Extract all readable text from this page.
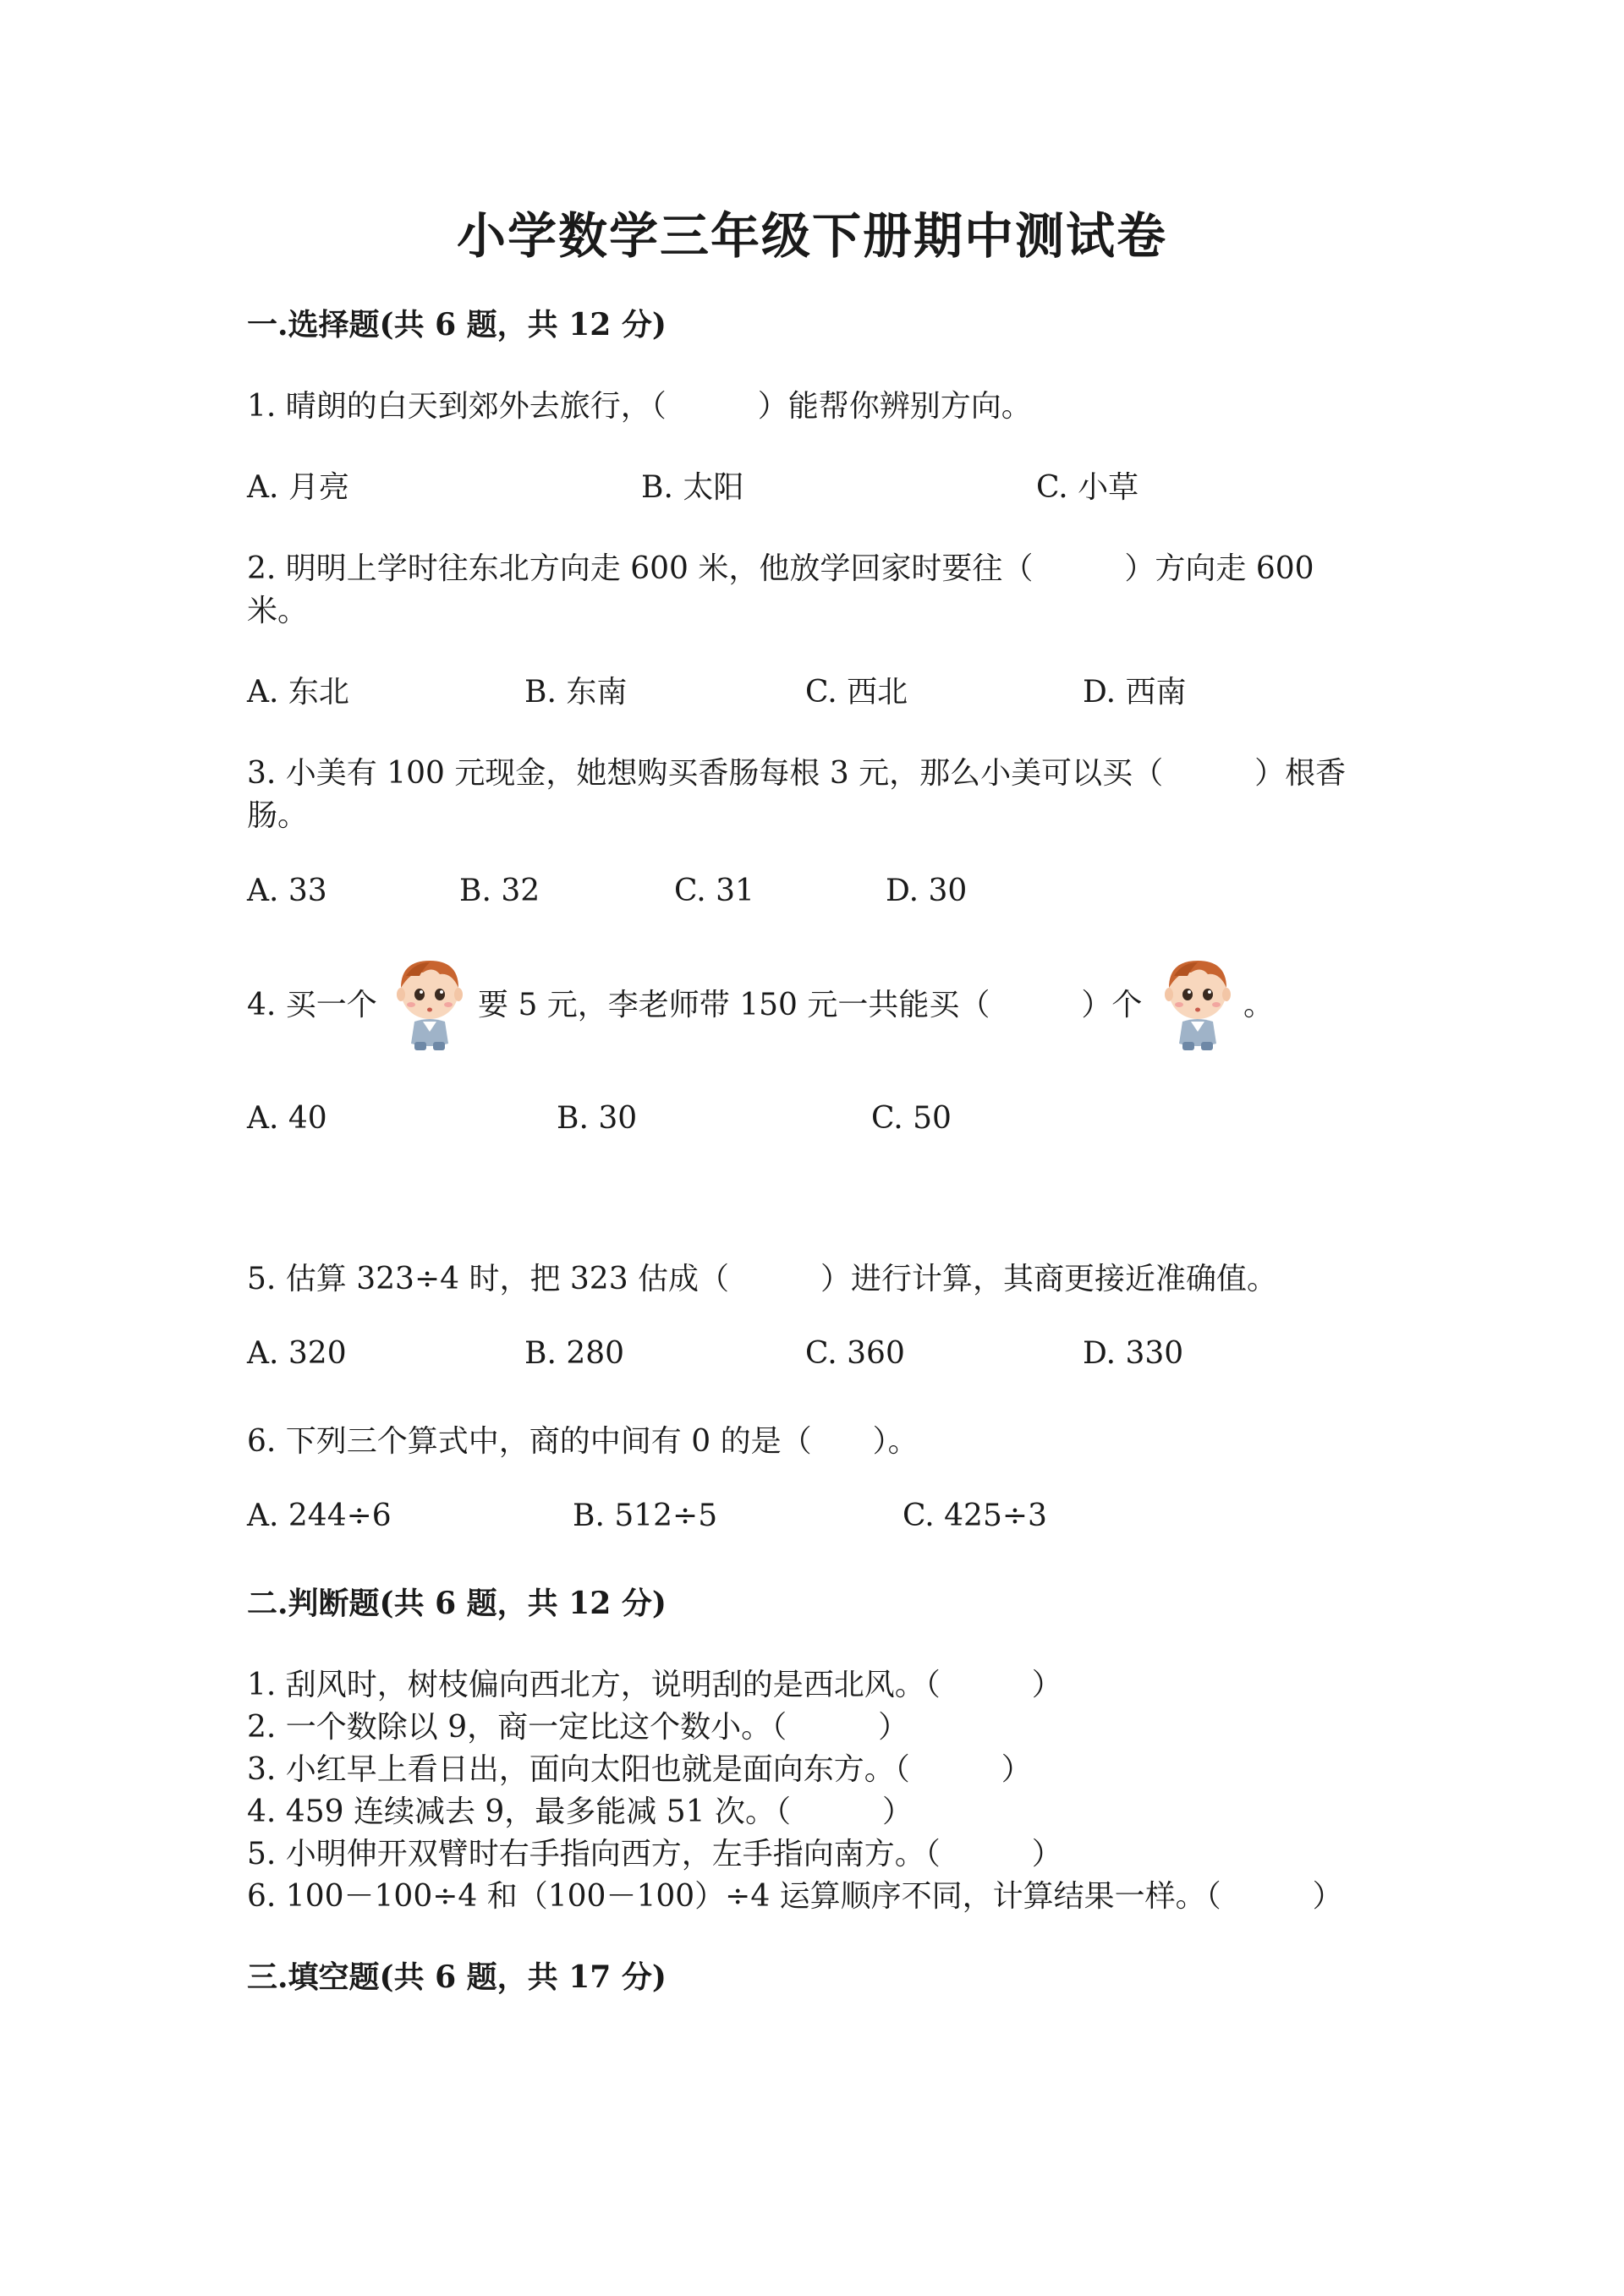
小学数学三年级下册期中测试卷
一.选择题(共 6 题，共 12 分)
1. 晴朗的白天到郊外去旅行，（　　　）能帮你辨别方向。
A. 月亮	B. 太阳	C. 小草
2. 明明上学时往东北方向走 600 米，他放学回家时要往（　　　）方向走 600
米。
A. 东北	B. 东南	C. 西北	D. 西南
3. 小美有 100 元现金，她想购买香肠每根 3 元，那么小美可以买（　　　）根香
肠。
A. 33	B. 32	C. 31	D. 30
4. 买一个	要 5 元，李老师带 150 元一共能买（　　　）个	。
A. 40	B. 30	C. 50
5. 估算 323÷4 时，把 323 估成（　　　）进行计算，其商更接近准确值。
A. 320	B. 280	C. 360	D. 330
6. 下列三个算式中，商的中间有 0 的是（　　）。
A. 244÷6	B. 512÷5	C. 425÷3
二.判断题(共 6 题，共 12 分)
1. 刮风时，树枝偏向西北方，说明刮的是西北风。（　　　）
2. 一个数除以 9，商一定比这个数小。（　　　）
3. 小红早上看日出，面向太阳也就是面向东方。（　　　）
4. 459 连续减去 9，最多能减 51 次。（　　　）
5. 小明伸开双臂时右手指向西方，左手指向南方。（　　　）
6. 100－100÷4 和（100－100）÷4 运算顺序不同，计算结果一样。（　　　）
三.填空题(共 6 题，共 17 分)
